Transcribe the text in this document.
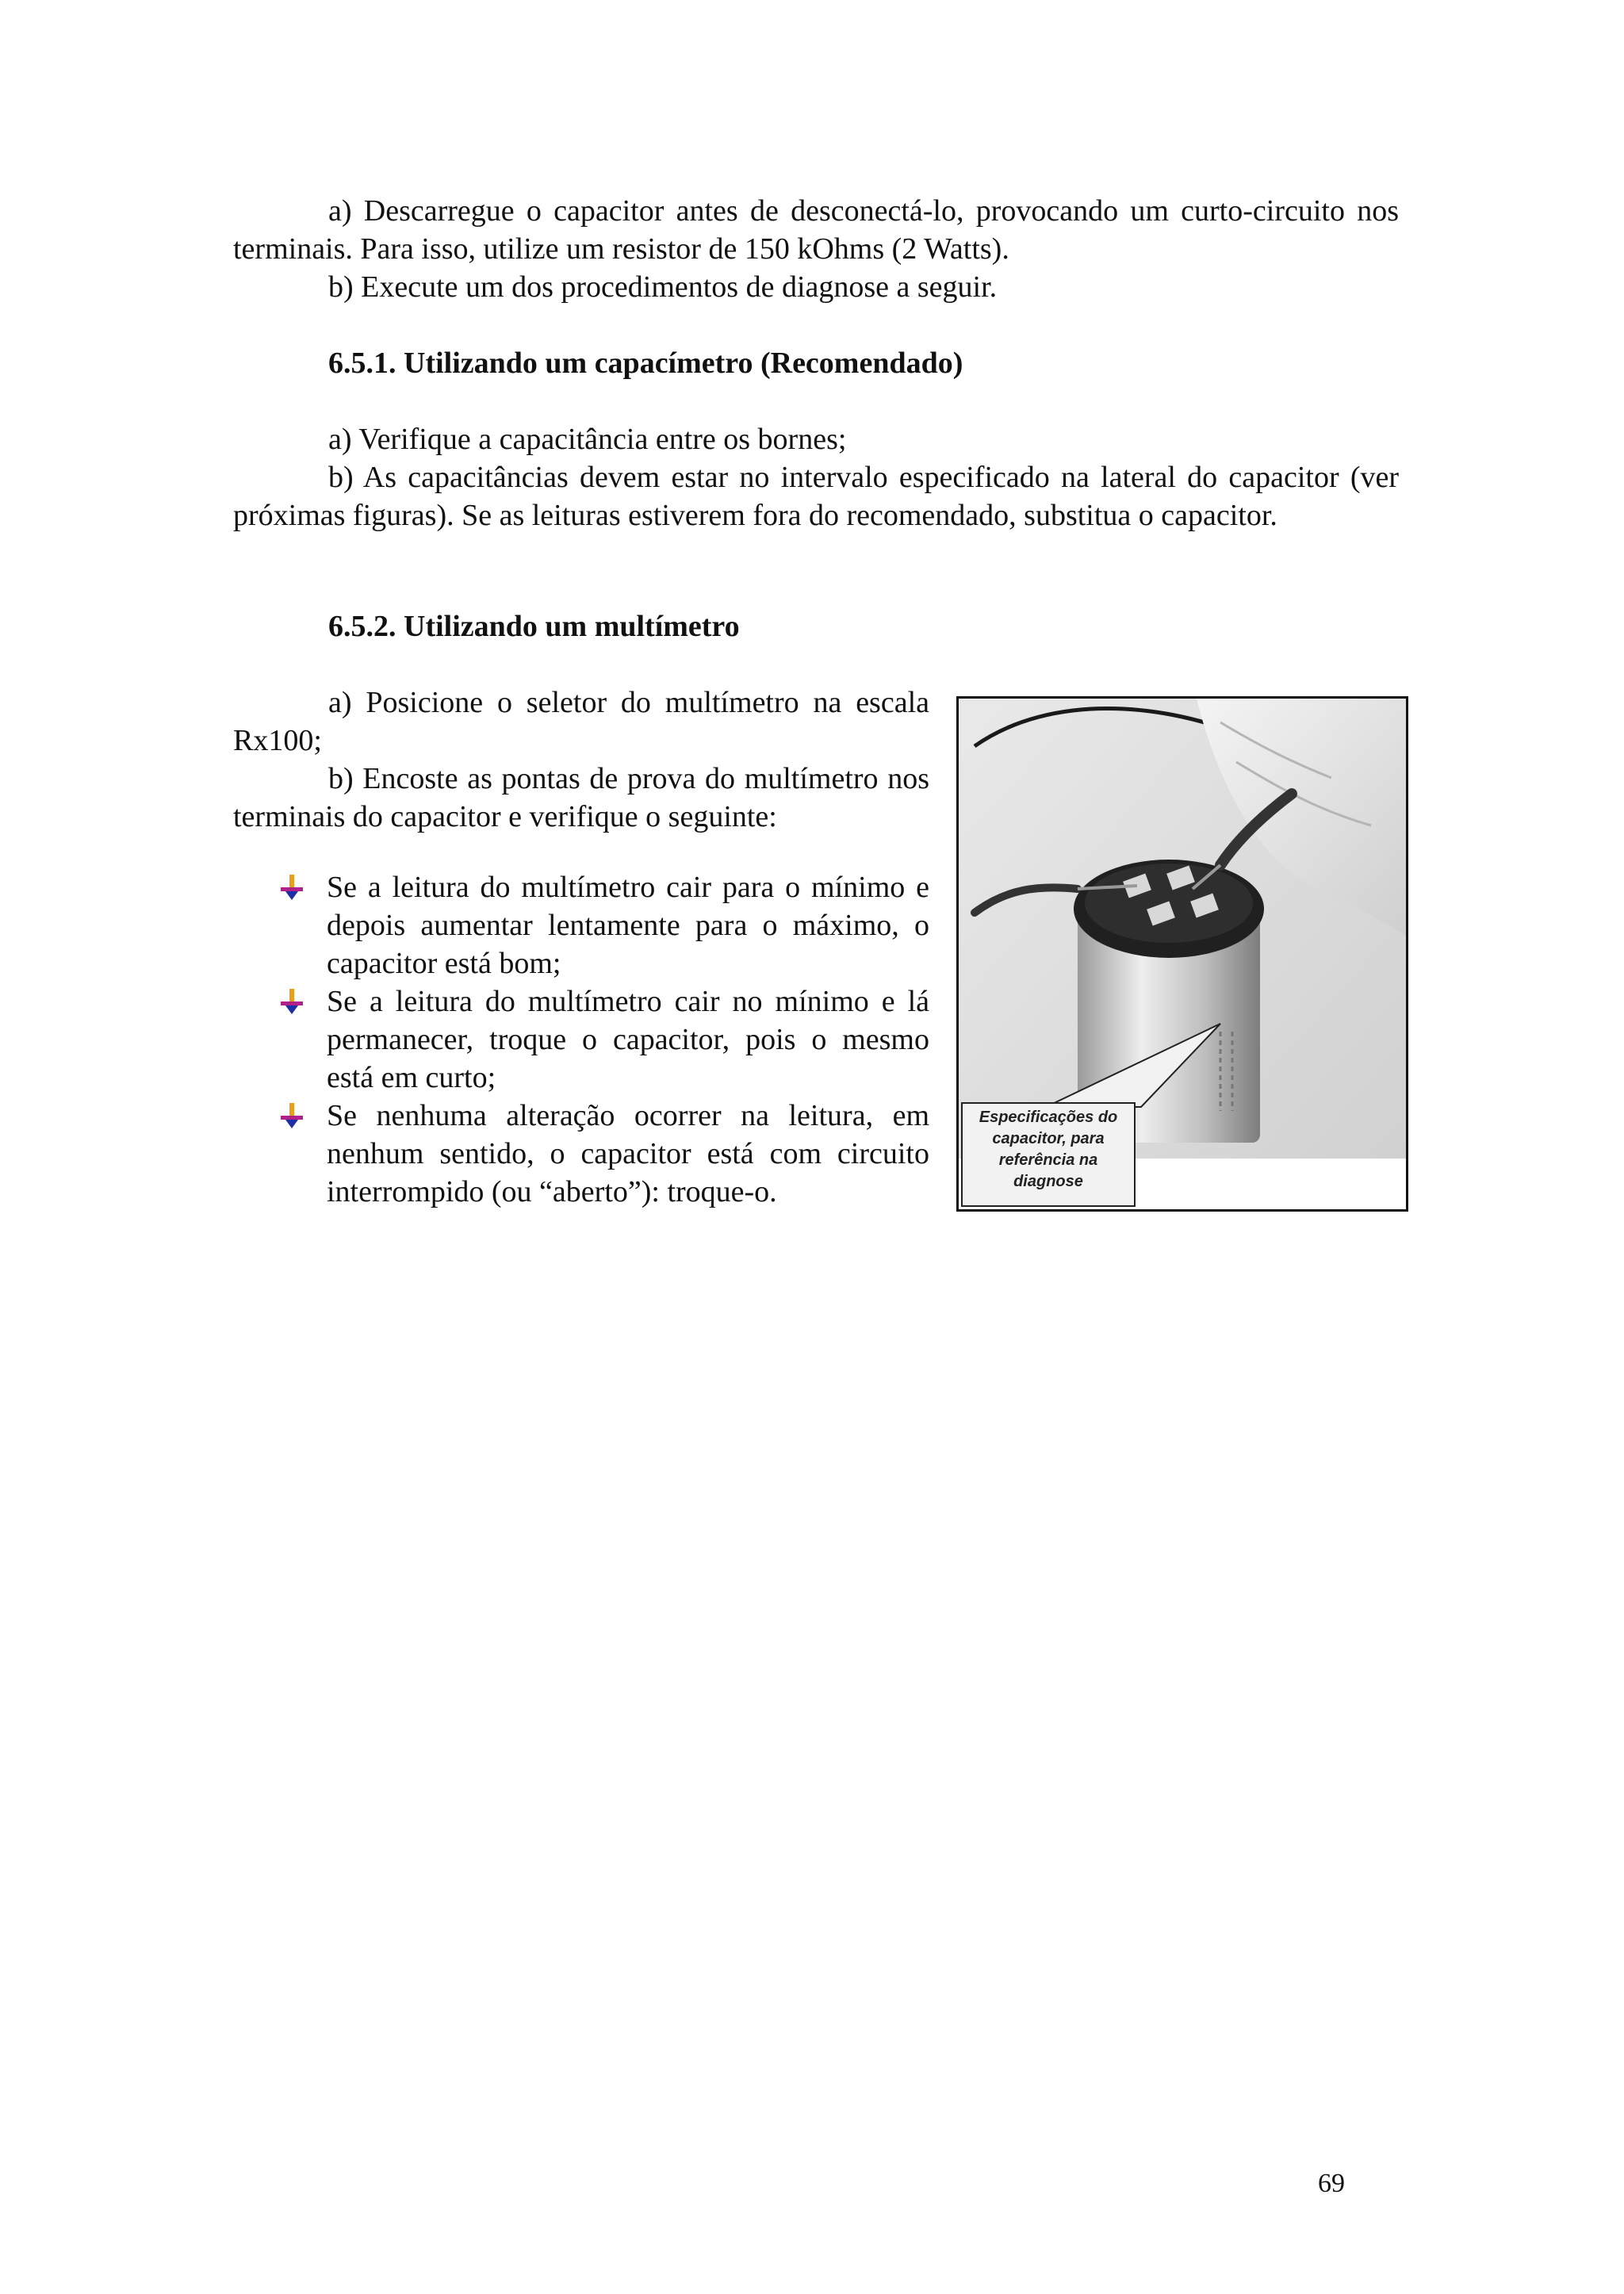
a) Descarregue o capacitor antes de desconectá-lo, provocando um curto-circuito nos terminais. Para isso, utilize um resistor de 150 kOhms (2 Watts).

b) Execute um dos procedimentos de diagnose a seguir.

6.5.1. Utilizando um capacímetro (Recomendado)

a) Verifique a capacitância entre os bornes;

b) As capacitâncias devem estar no intervalo especificado na lateral do capacitor (ver próximas figuras). Se as leituras estiverem fora do recomendado, substitua o capacitor.

6.5.2. Utilizando um multímetro

a) Posicione o seletor do multímetro na escala Rx100;

b) Encoste as pontas de prova do multímetro nos terminais do capacitor e verifique o seguinte:

Se a leitura do multímetro cair para o mínimo e depois aumentar lentamente para o máximo, o capacitor está bom;
Se a leitura do multímetro cair no mínimo e lá permanecer, troque o capacitor, pois o mesmo está em curto;
Se nenhuma alteração ocorrer na leitura, em nenhum sentido, o capacitor está com circuito interrompido (ou “aberto”): troque-o.
Especificações do
capacitor, para
referência na
diagnose
69
